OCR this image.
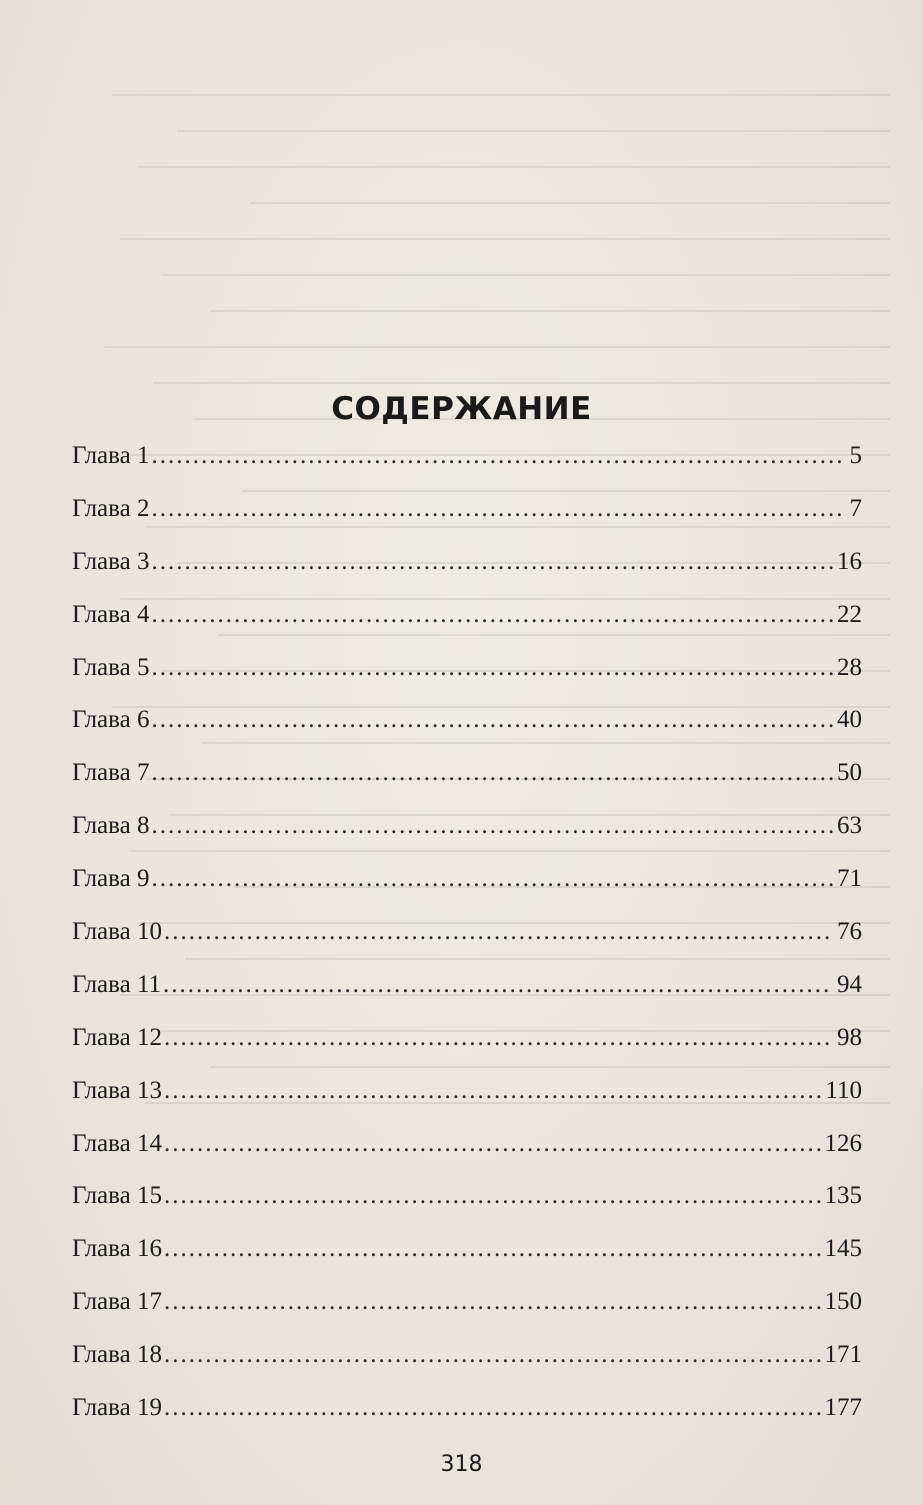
СОДЕРЖАНИЕ
Глава 1 .....	5
Глава 2 .....	7
Глава 3 .....	16
Глава 4 .....	22
Глава 5 .....	28
Глава 6 .....	40
Глава 7 .....	50
Глава 8 .....	63
Глава 9 .....	71
Глава 10 .....	76
Глава 11 .....	94
Глава 12 .....	98
Глава 13 .....	110
Глава 14 .....	126
Глава 15 .....	135
Глава 16 .....	145
Глава 17 .....	150
Глава 18 .....	171
Глава 19 .....	177
318
